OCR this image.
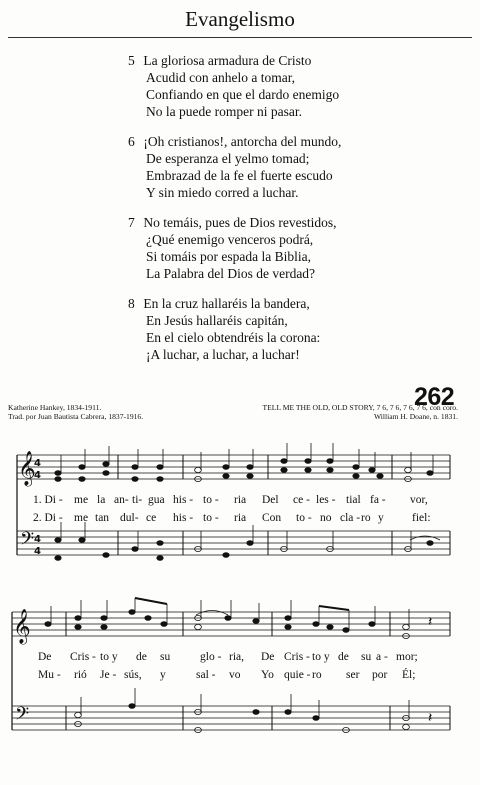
Evangelismo
5 La gloriosa armadura de Cristo
Acudid con anhelo a tomar,
Confiando en que el dardo enemigo
No la puede romper ni pasar.
6 ¡Oh cristianos!, antorcha del mundo,
De esperanza el yelmo tomad;
Embrazad de la fe el fuerte escudo
Y sin miedo corred a luchar.
7 No temáis, pues de Dios revestidos,
¿Qué enemigo venceros podrá,
Si tomáis por espada la Biblia,
La Palabra del Dios de verdad?
8 En la cruz hallaréis la bandera,
En Jesús hallaréis capitán,
En el cielo obtendréis la corona:
¡A luchar, a luchar, a luchar!
262
Katherine Hankey, 1834-1911.
Trad. por Juan Bautista Cabrera, 1837-1916.
TELL ME THE OLD, OLD STORY, 7 6, 7 6, 7 6, 7 6, con coro.
William H. Doane, n. 1831.
𝄞
𝄢
4
4
4
4
𝄞
𝄢
𝄽
𝄽
1. Di - me la an- ti- gua his - to - ria Del ce - les - tial fa - vor,
2. Di - me tan dul- ce his - to - ria Con to - no cla - ro y fiel:
De Cris - to y de su	glo - ria, De Cris - to y de su a - mor;
Mu - rió Je - sús, y	sal - vo Yo quie - ro ser por Él;
